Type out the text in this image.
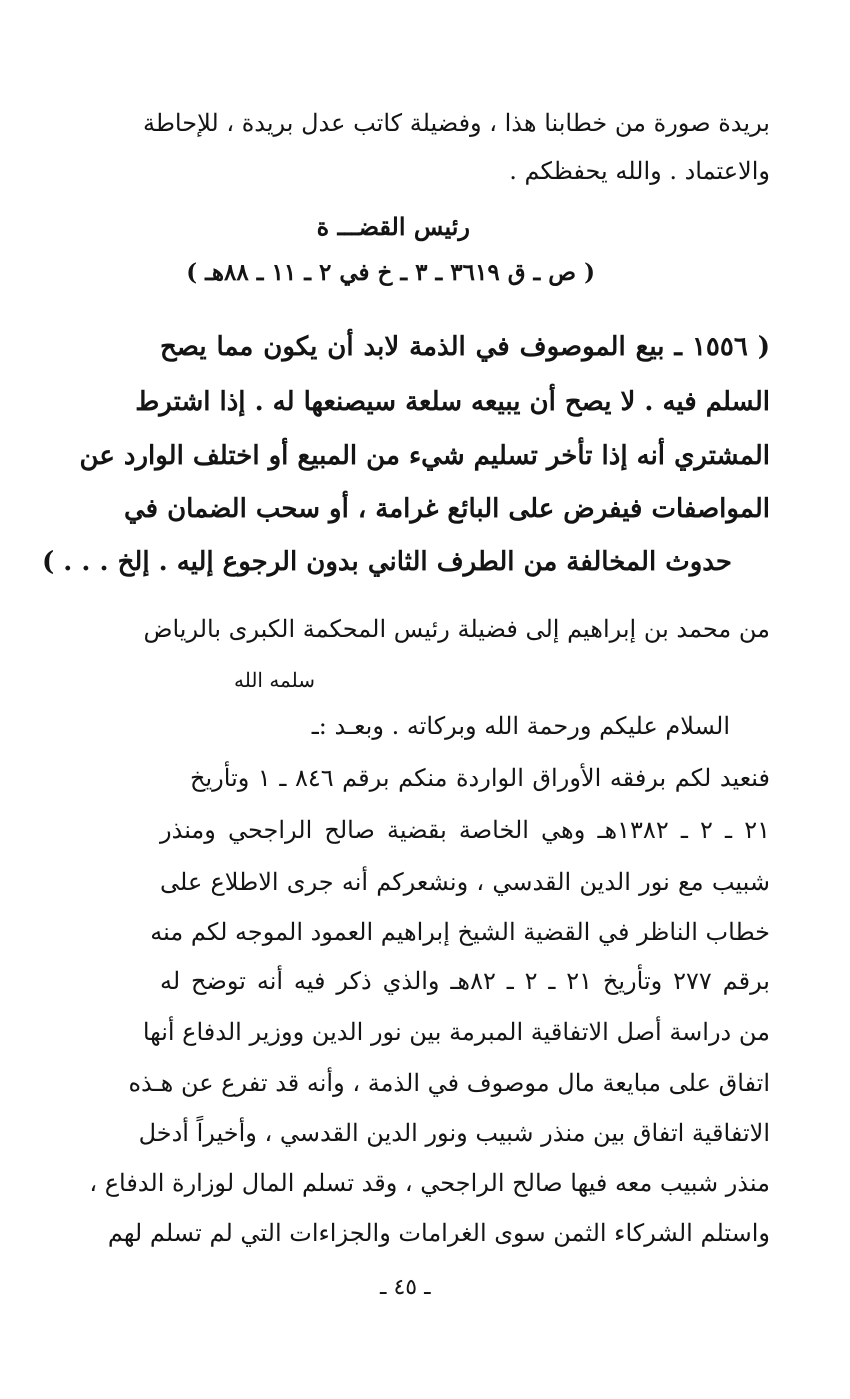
بريدة صورة من خطابنا هذا ، وفضيلة كاتب عدل بريدة ، للإحاطة
والاعتماد . والله يحفظكم .
رئيس القضـــ ة
( ص ـ ق ٣٦١٩ ـ ٣ ـ خ في ٢ ـ ١١ ـ ٨٨هـ )
( ١٥٥٦ ـ بيع الموصوف في الذمة لابد أن يكون مما يصح
السلم فيه . لا يصح أن يبيعه سلعة سيصنعها له . إذا اشترط
المشتري أنه إذا تأخر تسليم شيء من المبيع أو اختلف الوارد عن
المواصفات فيفرض على البائع غرامة ، أو سحب الضمان في
حدوث المخالفة من الطرف الثاني بدون الرجوع إليه . إلخ . . . )
من محمد بن إبراهيم إلى فضيلة رئيس المحكمة الكبرى بالرياض
سلمه الله
السلام عليكم ورحمة الله وبركاته . وبعـد :ـ
فنعيد لكم برفقه الأوراق الواردة منكم برقم ٨٤٦ ـ ١ وتأريخ
٢١ ـ ٢ ـ ١٣٨٢هـ وهي الخاصة بقضية صالح الراجحي ومنذر
شبيب مع نور الدين القدسي ، ونشعركم أنه جرى الاطلاع على
خطاب الناظر في القضية الشيخ إبراهيم العمود الموجه لكم منه
برقم ٢٧٧ وتأريخ ٢١ ـ ٢ ـ ٨٢هـ والذي ذكر فيه أنه توضح له
من دراسة أصل الاتفاقية المبرمة بين نور الدين ووزير الدفاع أنها
اتفاق على مبايعة مال موصوف في الذمة ، وأنه قد تفرع عن هـذه
الاتفاقية اتفاق بين منذر شبيب ونور الدين القدسي ، وأخيراً أدخل
منذر شبيب معه فيها صالح الراجحي ، وقد تسلم المال لوزارة الدفاع ،
واستلم الشركاء الثمن سوى الغرامات والجزاءات التي لم تسلم لهم
ـ ٤٥ ـ
